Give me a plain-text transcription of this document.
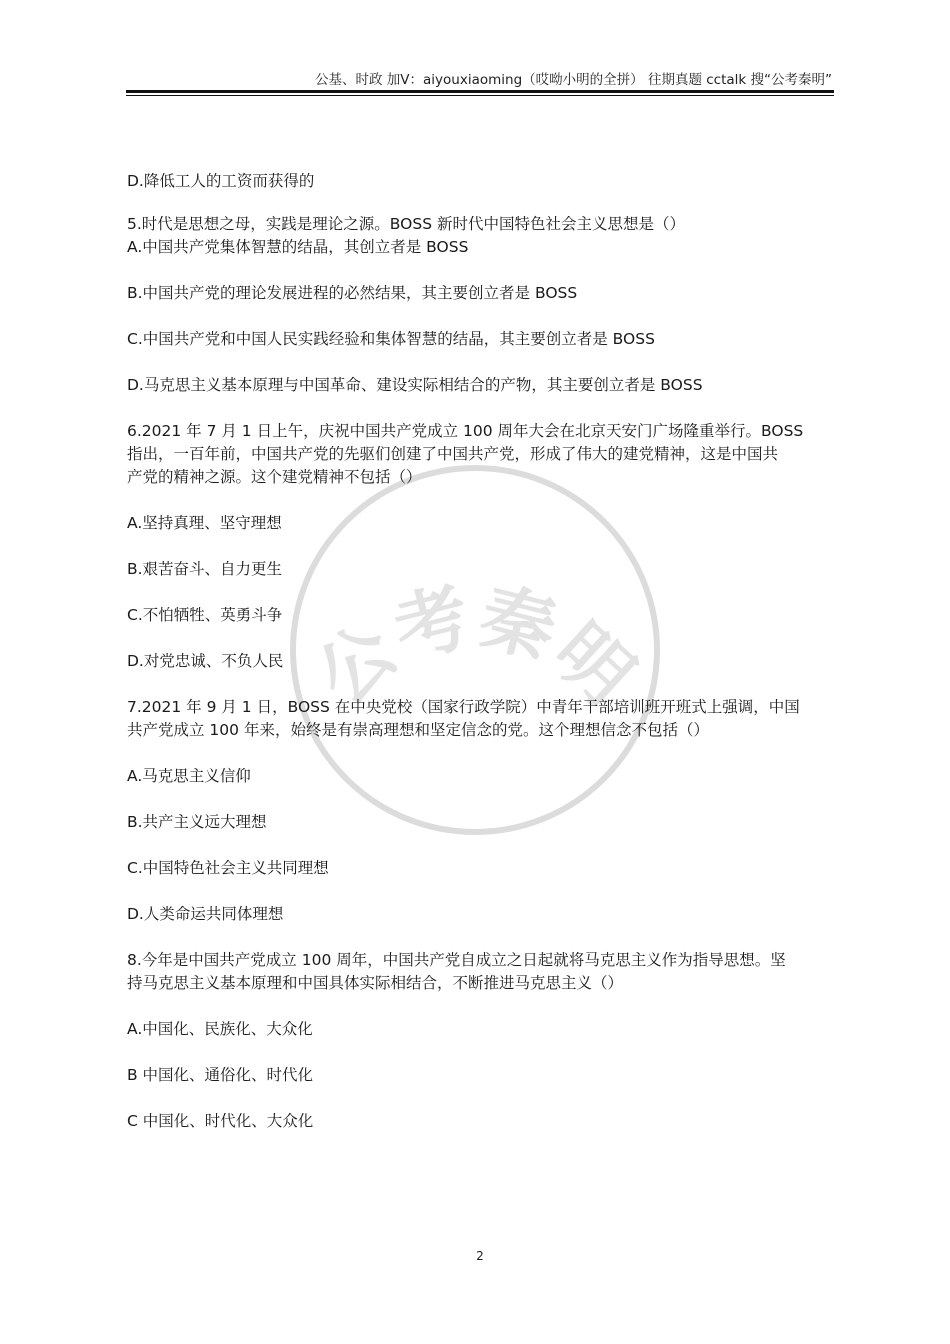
公基、时政 加V：aiyouxiaoming（哎呦小明的全拼） 往期真题 cctalk 搜“公考秦明”
公考秦明
D.降低工人的工资而获得的
5.时代是思想之母，实践是理论之源。BOSS 新时代中国特色社会主义思想是（）
A.中国共产党集体智慧的结晶，其创立者是 BOSS
B.中国共产党的理论发展进程的必然结果，其主要创立者是 BOSS
C.中国共产党和中国人民实践经验和集体智慧的结晶，其主要创立者是 BOSS
D.马克思主义基本原理与中国革命、建设实际相结合的产物，其主要创立者是 BOSS
6.2021 年 7 月 1 日上午，庆祝中国共产党成立 100 周年大会在北京天安门广场隆重举行。BOSS
指出，一百年前，中国共产党的先驱们创建了中国共产党，形成了伟大的建党精神，这是中国共
产党的精神之源。这个建党精神不包括（）
A.坚持真理、坚守理想
B.艰苦奋斗、自力更生
C.不怕牺牲、英勇斗争
D.对党忠诚、不负人民
7.2021 年 9 月 1 日，BOSS 在中央党校（国家行政学院）中青年干部培训班开班式上强调，中国
共产党成立 100 年来，始终是有崇高理想和坚定信念的党。这个理想信念不包括（）
A.马克思主义信仰
B.共产主义远大理想
C.中国特色社会主义共同理想
D.人类命运共同体理想
8.今年是中国共产党成立 100 周年，中国共产党自成立之日起就将马克思主义作为指导思想。坚
持马克思主义基本原理和中国具体实际相结合，不断推进马克思主义（）
A.中国化、民族化、大众化
B 中国化、通俗化、时代化
C 中国化、时代化、大众化
2
